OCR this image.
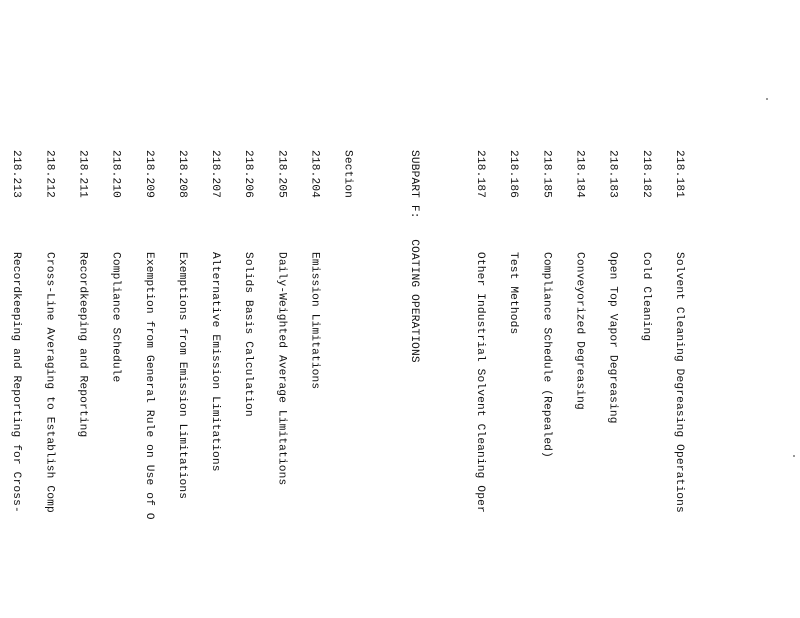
218.181Solvent Cleaning Degreasing Operations

218.182Cold Cleaning

218.183Open Top Vapor Degreasing

218.184Conveyorized Degreasing

218.185Compliance Schedule (Repealed)

218.186Test Methods

218.187Other Industrial Solvent Cleaning Oper

SUBPART F:   COATING OPERATIONS

Section

218.204Emission Limitations

218.205Daily-Weighted Average Limitations

218.206Solids Basis Calculation

218.207Alternative Emission Limitations

218.208Exemptions from Emission Limitations

218.209Exemption from General Rule on Use of O

218.210Compliance Schedule

218.211Recordkeeping and Reporting

218.212Cross-Line Averaging to Establish Comp

218.213Recordkeeping and Reporting for Cross-
